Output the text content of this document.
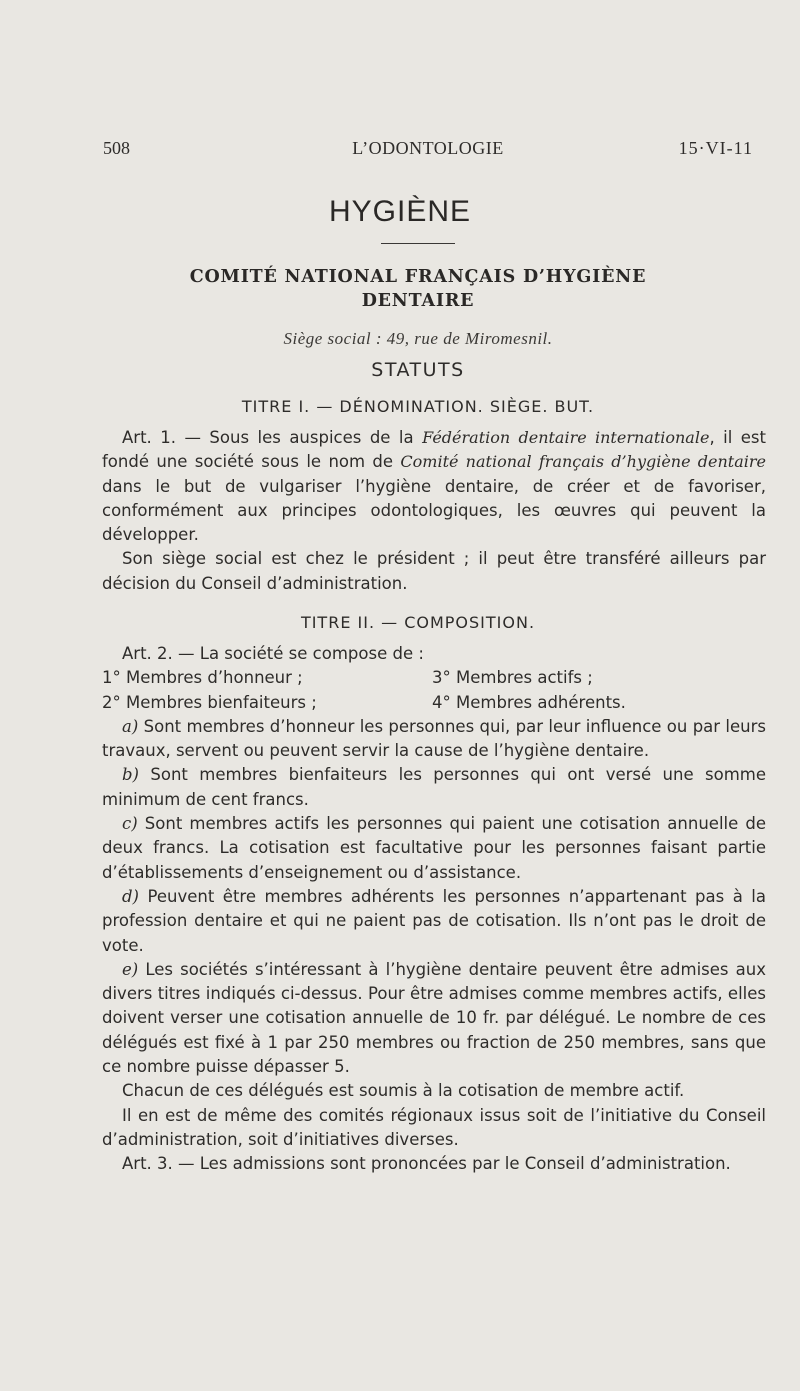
508	L’ODONTOLOGIE	15·VI-11
HYGIÈNE
COMITÉ NATIONAL FRANÇAIS D’HYGIÈNE
DENTAIRE
Siège social : 49, rue de Miromesnil.
STATUTS
TITRE I. — DÉNOMINATION. SIÈGE. BUT.

Art. 1. — Sous les auspices de la Fédération dentaire internationale, il est fondé une société sous le nom de Comité national français d’hygiène dentaire dans le but de vulgariser l’hygiène dentaire, de créer et de favoriser, conformément aux principes odontologiques, les œuvres qui peuvent la développer.

Son siège social est chez le président ; il peut être transféré ailleurs par décision du Conseil d’administration.

TITRE II. — COMPOSITION.

Art. 2. — La société se compose de :

1° Membres d’honneur ;	3° Membres actifs ;
2° Membres bienfaiteurs ;	4° Membres adhérents.

a) Sont membres d’honneur les personnes qui, par leur influence ou par leurs travaux, servent ou peuvent servir la cause de l’hygiène dentaire.

b) Sont membres bienfaiteurs les personnes qui ont versé une somme minimum de cent francs.

c) Sont membres actifs les personnes qui paient une cotisation annuelle de deux francs. La cotisation est facultative pour les personnes faisant partie d’établissements d’enseignement ou d’assistance.

d) Peuvent être membres adhérents les personnes n’appartenant pas à la profession dentaire et qui ne paient pas de cotisation. Ils n’ont pas le droit de vote.

e) Les sociétés s’intéressant à l’hygiène dentaire peuvent être admises aux divers titres indiqués ci-dessus. Pour être admises comme membres actifs, elles doivent verser une cotisation annuelle de 10 fr. par délégué. Le nombre de ces délégués est fixé à 1 par 250 membres ou fraction de 250 membres, sans que ce nombre puisse dépasser 5.

Chacun de ces délégués est soumis à la cotisation de membre actif.

Il en est de même des comités régionaux issus soit de l’initiative du Conseil d’administration, soit d’initiatives diverses.

Art. 3. — Les admissions sont prononcées par le Conseil d’administration.
